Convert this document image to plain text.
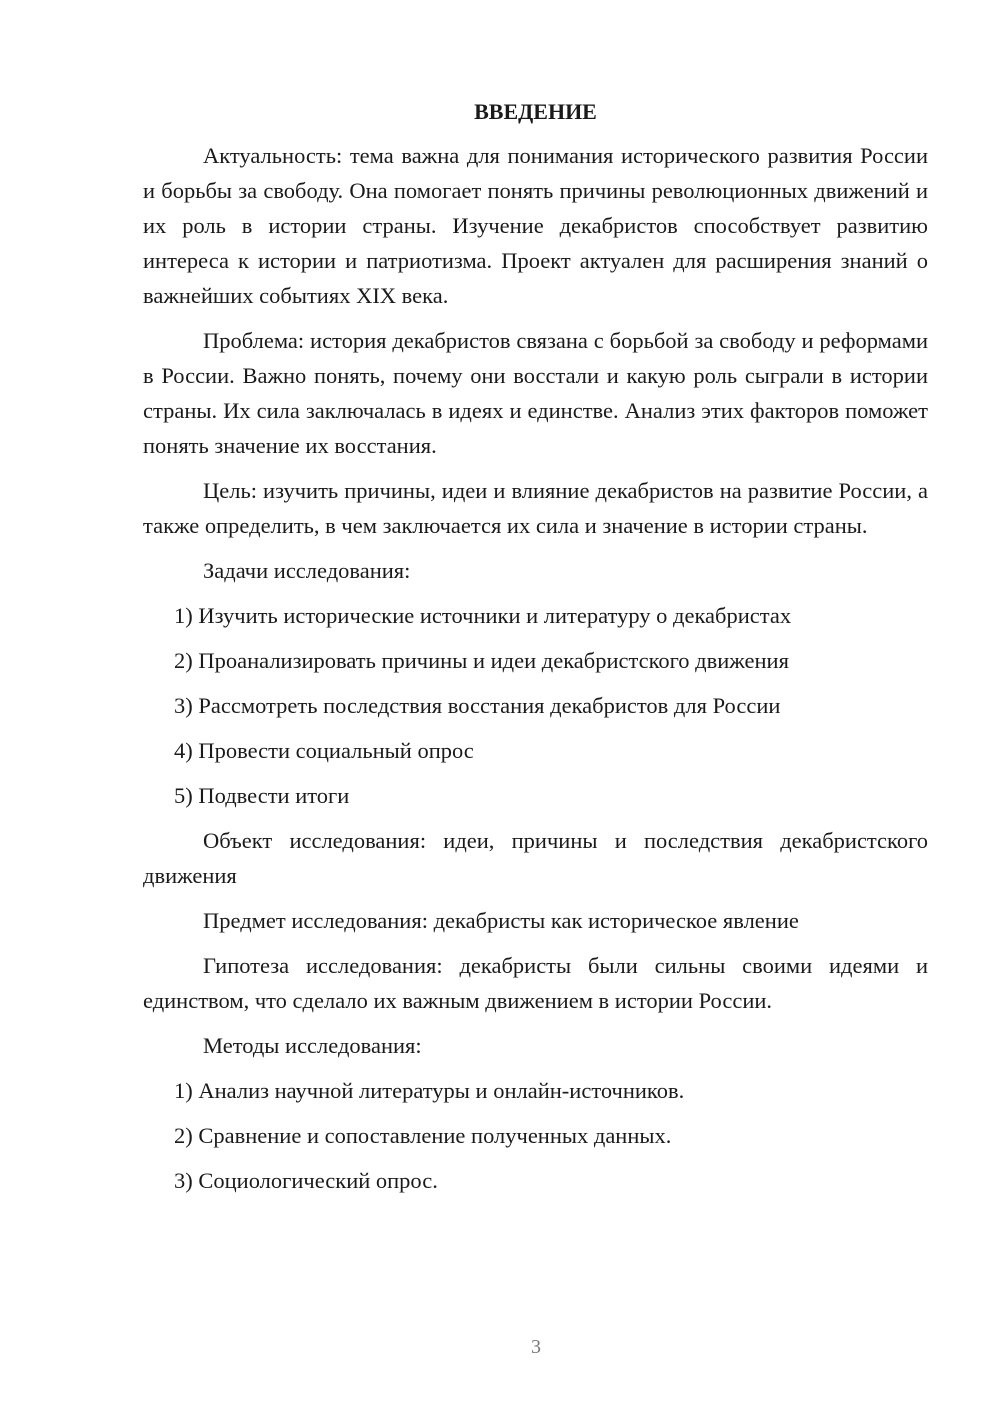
ВВЕДЕНИЕ

Актуальность: тема важна для понимания исторического развития России и борьбы за свободу. Она помогает понять причины революционных движений и их роль в истории страны. Изучение декабристов способствует развитию интереса к истории и патриотизма. Проект актуален для расширения знаний о важнейших событиях XIX века.

Проблема: история декабристов связана с борьбой за свободу и реформами в России. Важно понять, почему они восстали и какую роль сыграли в истории страны. Их сила заключалась в идеях и единстве. Анализ этих факторов поможет понять значение их восстания.

Цель: изучить причины, идеи и влияние декабристов на развитие России, а также определить, в чем заключается их сила и значение в истории страны.

Задачи исследования:

1) Изучить исторические источники и литературу о декабристах

2) Проанализировать причины и идеи декабристского движения

3) Рассмотреть последствия восстания декабристов для России

4) Провести социальный опрос

5) Подвести итоги

Объект исследования: идеи, причины и последствия декабристского движения

Предмет исследования: декабристы как историческое явление

Гипотеза исследования: декабристы были сильны своими идеями и единством, что сделало их важным движением в истории России.

Методы исследования:

1) Анализ научной литературы и онлайн-источников.

2) Сравнение и сопоставление полученных данных.

3) Социологический опрос.

3
